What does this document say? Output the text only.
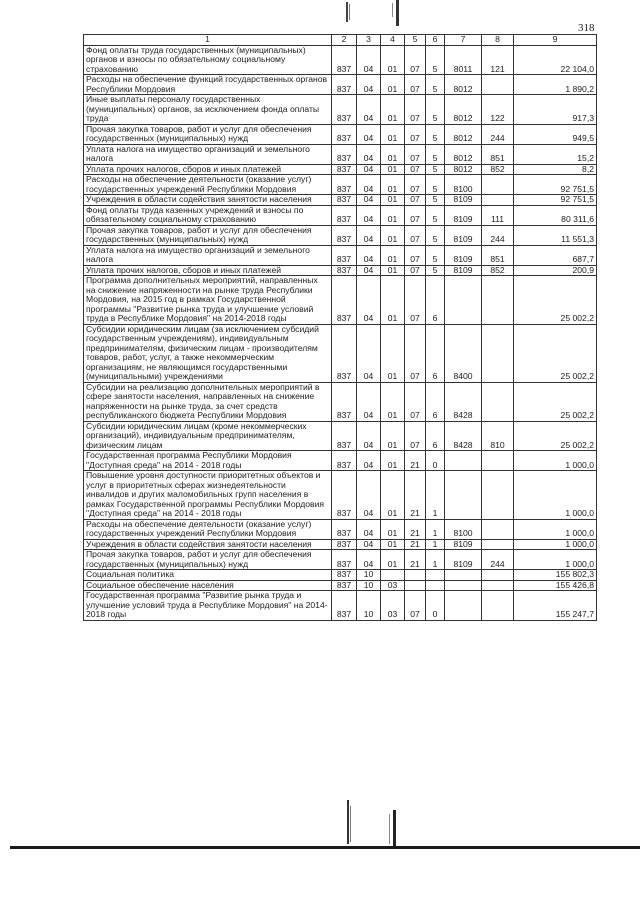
318
1	2	3	4	5	6	7	8	9
Фонд оплаты труда государственных (муниципальных) органов и взносы по обязательному социальному страхованию	837	04	01	07	5	8011	121	22 104,0
Расходы на обеспечение функций государственных органов Республики Мордовия	837	04	01	07	5	8012		1 890,2
Иные выплаты персоналу государственных (муниципальных) органов, за исключением фонда оплаты труда	837	04	01	07	5	8012	122	917,3
Прочая закупка товаров, работ и услуг для обеспечения государственных (муниципальных) нужд	837	04	01	07	5	8012	244	949,5
Уплата налога на имущество организаций и земельного налога	837	04	01	07	5	8012	851	15,2
Уплата прочих налогов, сборов и иных платежей	837	04	01	07	5	8012	852	8,2
Расходы на обеспечение деятельности (оказание услуг) государственных учреждений Республики Мордовия	837	04	01	07	5	8100		92 751,5
Учреждения в области содействия занятости населения	837	04	01	07	5	8109		92 751,5
Фонд оплаты труда казенных учреждений и взносы по обязательному социальному страхованию	837	04	01	07	5	8109	111	80 311,6
Прочая закупка товаров, работ и услуг для обеспечения государственных (муниципальных) нужд	837	04	01	07	5	8109	244	11 551,3
Уплата налога на имущество организаций и земельного налога	837	04	01	07	5	8109	851	687,7
Уплата прочих налогов, сборов и иных платежей	837	04	01	07	5	8109	852	200,9
Программа дополнительных мероприятий, направленных на снижение напряженности на рынке труда Республики Мордовия, на 2015 год в рамках Государственной программы "Развитие рынка труда и улучшение условий труда в Республике Мордовия" на 2014-2018 годы	837	04	01	07	6			25 002,2
Субсидии юридическим лицам (за исключением субсидий государственным учреждениям), индивидуальным предпринимателям, физическим лицам - производителям товаров, работ, услуг, а также некоммерческим организациям, не являющимся государственными (муниципальными) учреждениями	837	04	01	07	6	8400		25 002,2
Субсидии на реализацию дополнительных мероприятий в сфере занятости населения, направленных на снижение напряженности на рынке труда, за счет средств республиканского бюджета Республики Мордовия	837	04	01	07	6	8428		25 002,2
Субсидии юридическим лицам (кроме некоммерческих организаций), индивидуальным предпринимателям, физическим лицам	837	04	01	07	6	8428	810	25 002,2
Государственная программа Республики Мордовия "Доступная среда" на 2014 - 2018 годы	837	04	01	21	0			1 000,0
Повышение уровня доступности приоритетных объектов и услуг в приоритетных сферах жизнедеятельности инвалидов и других маломобильных групп населения в рамках Государственной программы Республики Мордовия "Доступная среда" на 2014 - 2018 годы	837	04	01	21	1			1 000,0
Расходы на обеспечение деятельности (оказание услуг) государственных учреждений Республики Мордовия	837	04	01	21	1	8100		1 000,0
Учреждения в области содействия занятости населения	837	04	01	21	1	8109		1 000,0
Прочая закупка товаров, работ и услуг для обеспечения государственных (муниципальных) нужд	837	04	01	21	1	8109	244	1 000,0
Социальная политика	837	10						155 802,3
Социальное обеспечение населения	837	10	03					155 426,8
Государственная программа "Развитие рынка труда и улучшение условий труда в Республике Мордовия" на 2014-2018 годы	837	10	03	07	0			155 247,7
